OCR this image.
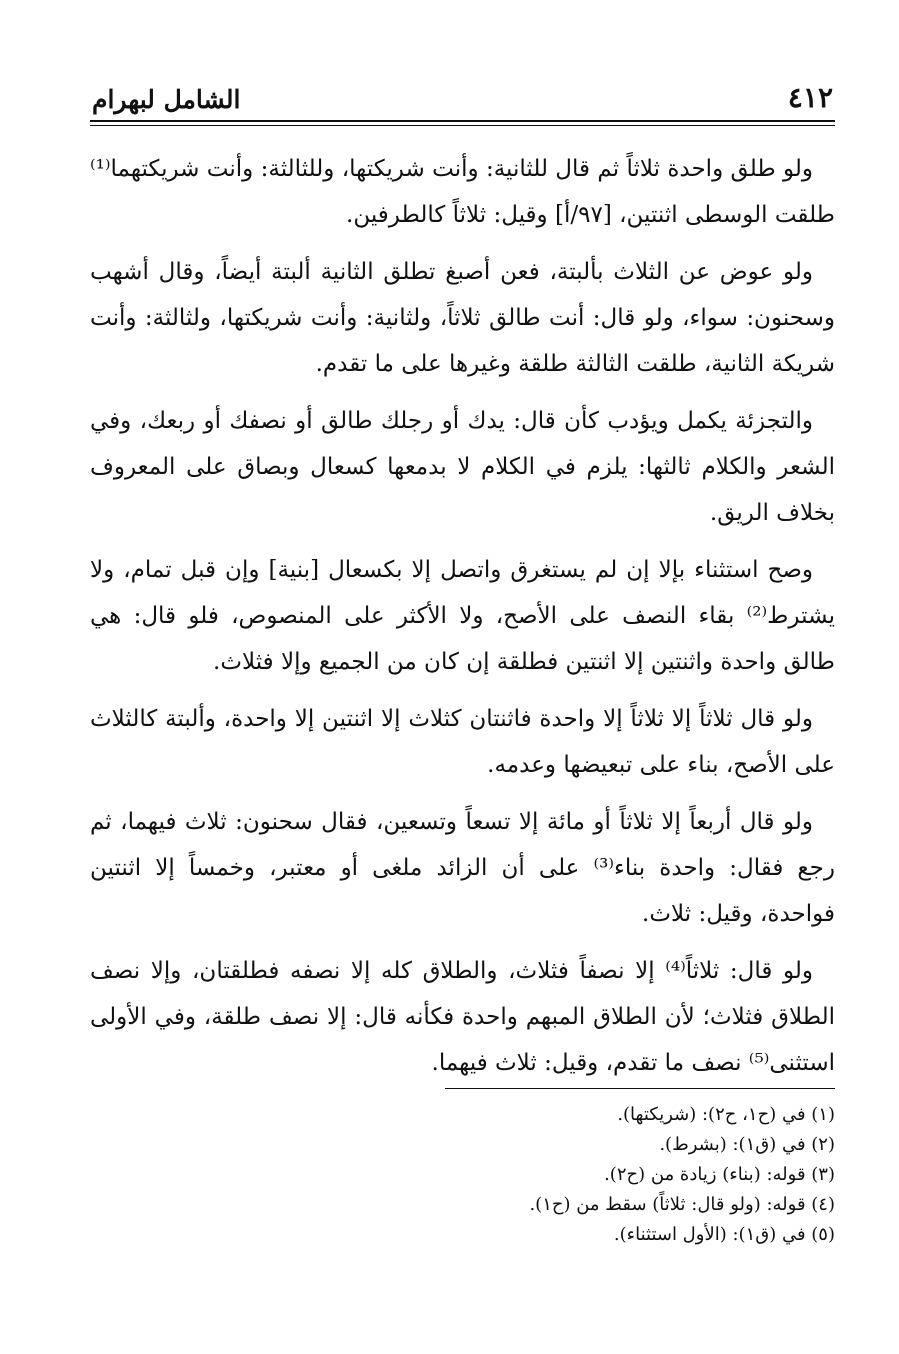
٤١٢
الشامل لبهرام

ولو طلق واحدة ثلاثاً ثم قال للثانية: وأنت شريكتها، وللثالثة: وأنت شريكتهما⁽¹⁾ طلقت الوسطى اثنتين، [٩٧/أ] وقيل: ثلاثاً كالطرفين.

ولو عوض عن الثلاث بألبتة، فعن أصبغ تطلق الثانية ألبتة أيضاً، وقال أشهب وسحنون: سواء، ولو قال: أنت طالق ثلاثاً، ولثانية: وأنت شريكتها، ولثالثة: وأنت شريكة الثانية، طلقت الثالثة طلقة وغيرها على ما تقدم.

والتجزئة يكمل ويؤدب كأن قال: يدك أو رجلك طالق أو نصفك أو ربعك، وفي الشعر والكلام ثالثها: يلزم في الكلام لا بدمعها كسعال وبصاق على المعروف بخلاف الريق.

وصح استثناء بإلا إن لم يستغرق واتصل إلا بكسعال [بنية] وإن قبل تمام، ولا يشترط⁽²⁾ بقاء النصف على الأصح، ولا الأكثر على المنصوص، فلو قال: هي طالق واحدة واثنتين إلا اثنتين فطلقة إن كان من الجميع وإلا فثلاث.

ولو قال ثلاثاً إلا ثلاثاً إلا واحدة فاثنتان كثلاث إلا اثنتين إلا واحدة، وألبتة كالثلاث على الأصح، بناء على تبعيضها وعدمه.

ولو قال أربعاً إلا ثلاثاً أو مائة إلا تسعاً وتسعين، فقال سحنون: ثلاث فيهما، ثم رجع فقال: واحدة بناء⁽³⁾ على أن الزائد ملغى أو معتبر، وخمساً إلا اثنتين فواحدة، وقيل: ثلاث.

ولو قال: ثلاثاً⁽⁴⁾ إلا نصفاً فثلاث، والطلاق كله إلا نصفه فطلقتان، وإلا نصف الطلاق فثلاث؛ لأن الطلاق المبهم واحدة فكأنه قال: إلا نصف طلقة، وفي الأولى استثنى⁽⁵⁾ نصف ما تقدم، وقيل: ثلاث فيهما.

(١) في (ح١، ح٢): (شريكتها).

(٢) في (ق١): (بشرط).

(٣) قوله: (بناء) زيادة من (ح٢).

(٤) قوله: (ولو قال: ثلاثاً) سقط من (ح١).

(٥) في (ق١): (الأول استثناء).
